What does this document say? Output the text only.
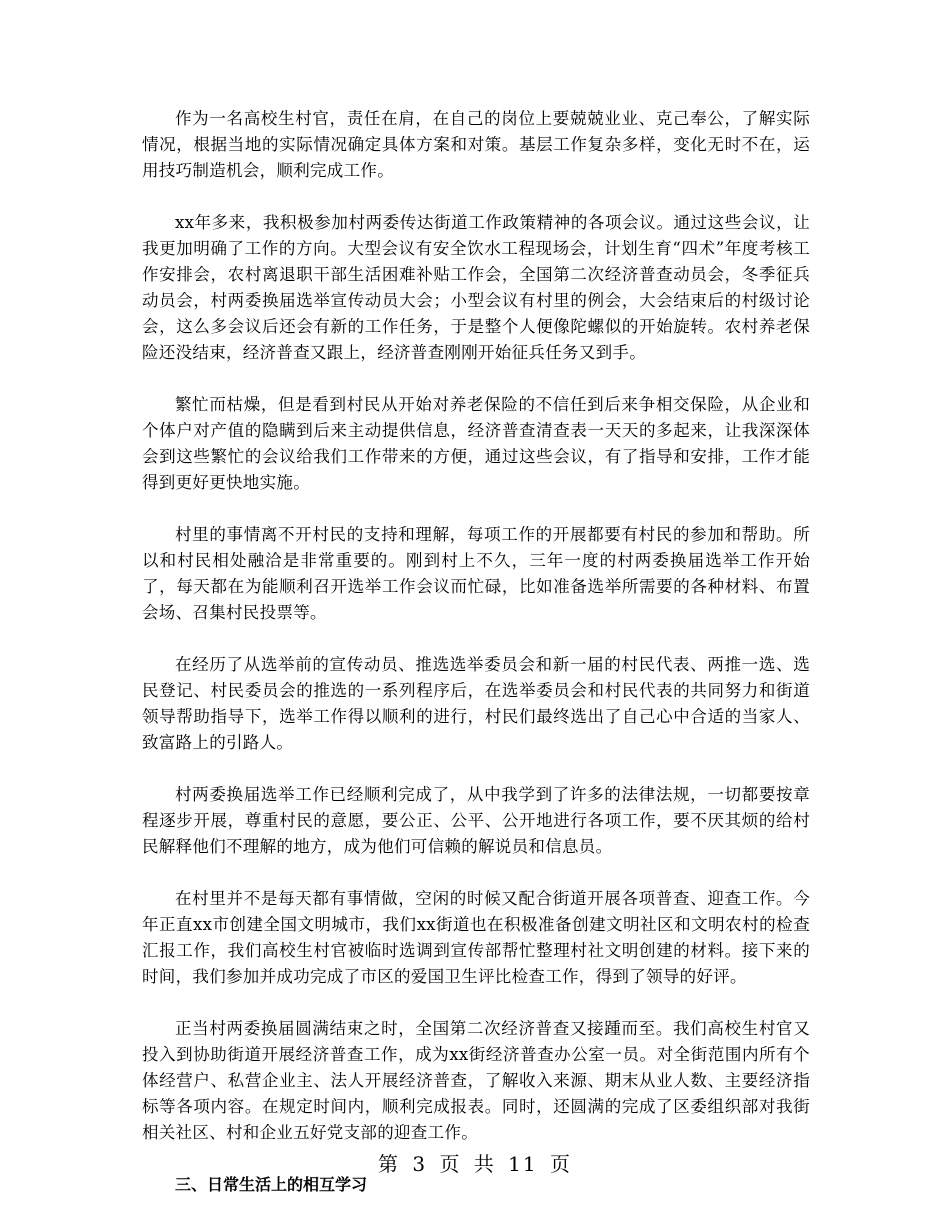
作为一名高校生村官，责任在肩，在自己的岗位上要兢兢业业、克己奉公，了解实际情况，根据当地的实际情况确定具体方案和对策。基层工作复杂多样，变化无时不在，运用技巧制造机会，顺利完成工作。

xx年多来，我积极参加村两委传达街道工作政策精神的各项会议。通过这些会议，让我更加明确了工作的方向。大型会议有安全饮水工程现场会，计划生育“四术”年度考核工作安排会，农村离退职干部生活困难补贴工作会，全国第二次经济普查动员会，冬季征兵动员会，村两委换届选举宣传动员大会；小型会议有村里的例会，大会结束后的村级讨论会，这么多会议后还会有新的工作任务，于是整个人便像陀螺似的开始旋转。农村养老保险还没结束，经济普查又跟上，经济普查刚刚开始征兵任务又到手。

繁忙而枯燥，但是看到村民从开始对养老保险的不信任到后来争相交保险，从企业和个体户对产值的隐瞒到后来主动提供信息，经济普查清查表一天天的多起来，让我深深体会到这些繁忙的会议给我们工作带来的方便，通过这些会议，有了指导和安排，工作才能得到更好更快地实施。

村里的事情离不开村民的支持和理解，每项工作的开展都要有村民的参加和帮助。所以和村民相处融洽是非常重要的。刚到村上不久，三年一度的村两委换届选举工作开始了，每天都在为能顺利召开选举工作会议而忙碌，比如准备选举所需要的各种材料、布置会场、召集村民投票等。

在经历了从选举前的宣传动员、推选选举委员会和新一届的村民代表、两推一选、选民登记、村民委员会的推选的一系列程序后，在选举委员会和村民代表的共同努力和街道领导帮助指导下，选举工作得以顺利的进行，村民们最终选出了自己心中合适的当家人、致富路上的引路人。

村两委换届选举工作已经顺利完成了，从中我学到了许多的法律法规，一切都要按章程逐步开展，尊重村民的意愿，要公正、公平、公开地进行各项工作，要不厌其烦的给村民解释他们不理解的地方，成为他们可信赖的解说员和信息员。

在村里并不是每天都有事情做，空闲的时候又配合街道开展各项普查、迎查工作。今年正直xx市创建全国文明城市，我们xx街道也在积极准备创建文明社区和文明农村的检查汇报工作，我们高校生村官被临时选调到宣传部帮忙整理村社文明创建的材料。接下来的时间，我们参加并成功完成了市区的爱国卫生评比检查工作，得到了领导的好评。

正当村两委换届圆满结束之时，全国第二次经济普查又接踵而至。我们高校生村官又投入到协助街道开展经济普查工作，成为xx街经济普查办公室一员。对全街范围内所有个体经营户、私营企业主、法人开展经济普查，了解收入来源、期末从业人数、主要经济指标等各项内容。在规定时间内，顺利完成报表。同时，还圆满的完成了区委组织部对我街相关社区、村和企业五好党支部的迎查工作。

三、日常生活上的相互学习

第 3 页 共 11 页
